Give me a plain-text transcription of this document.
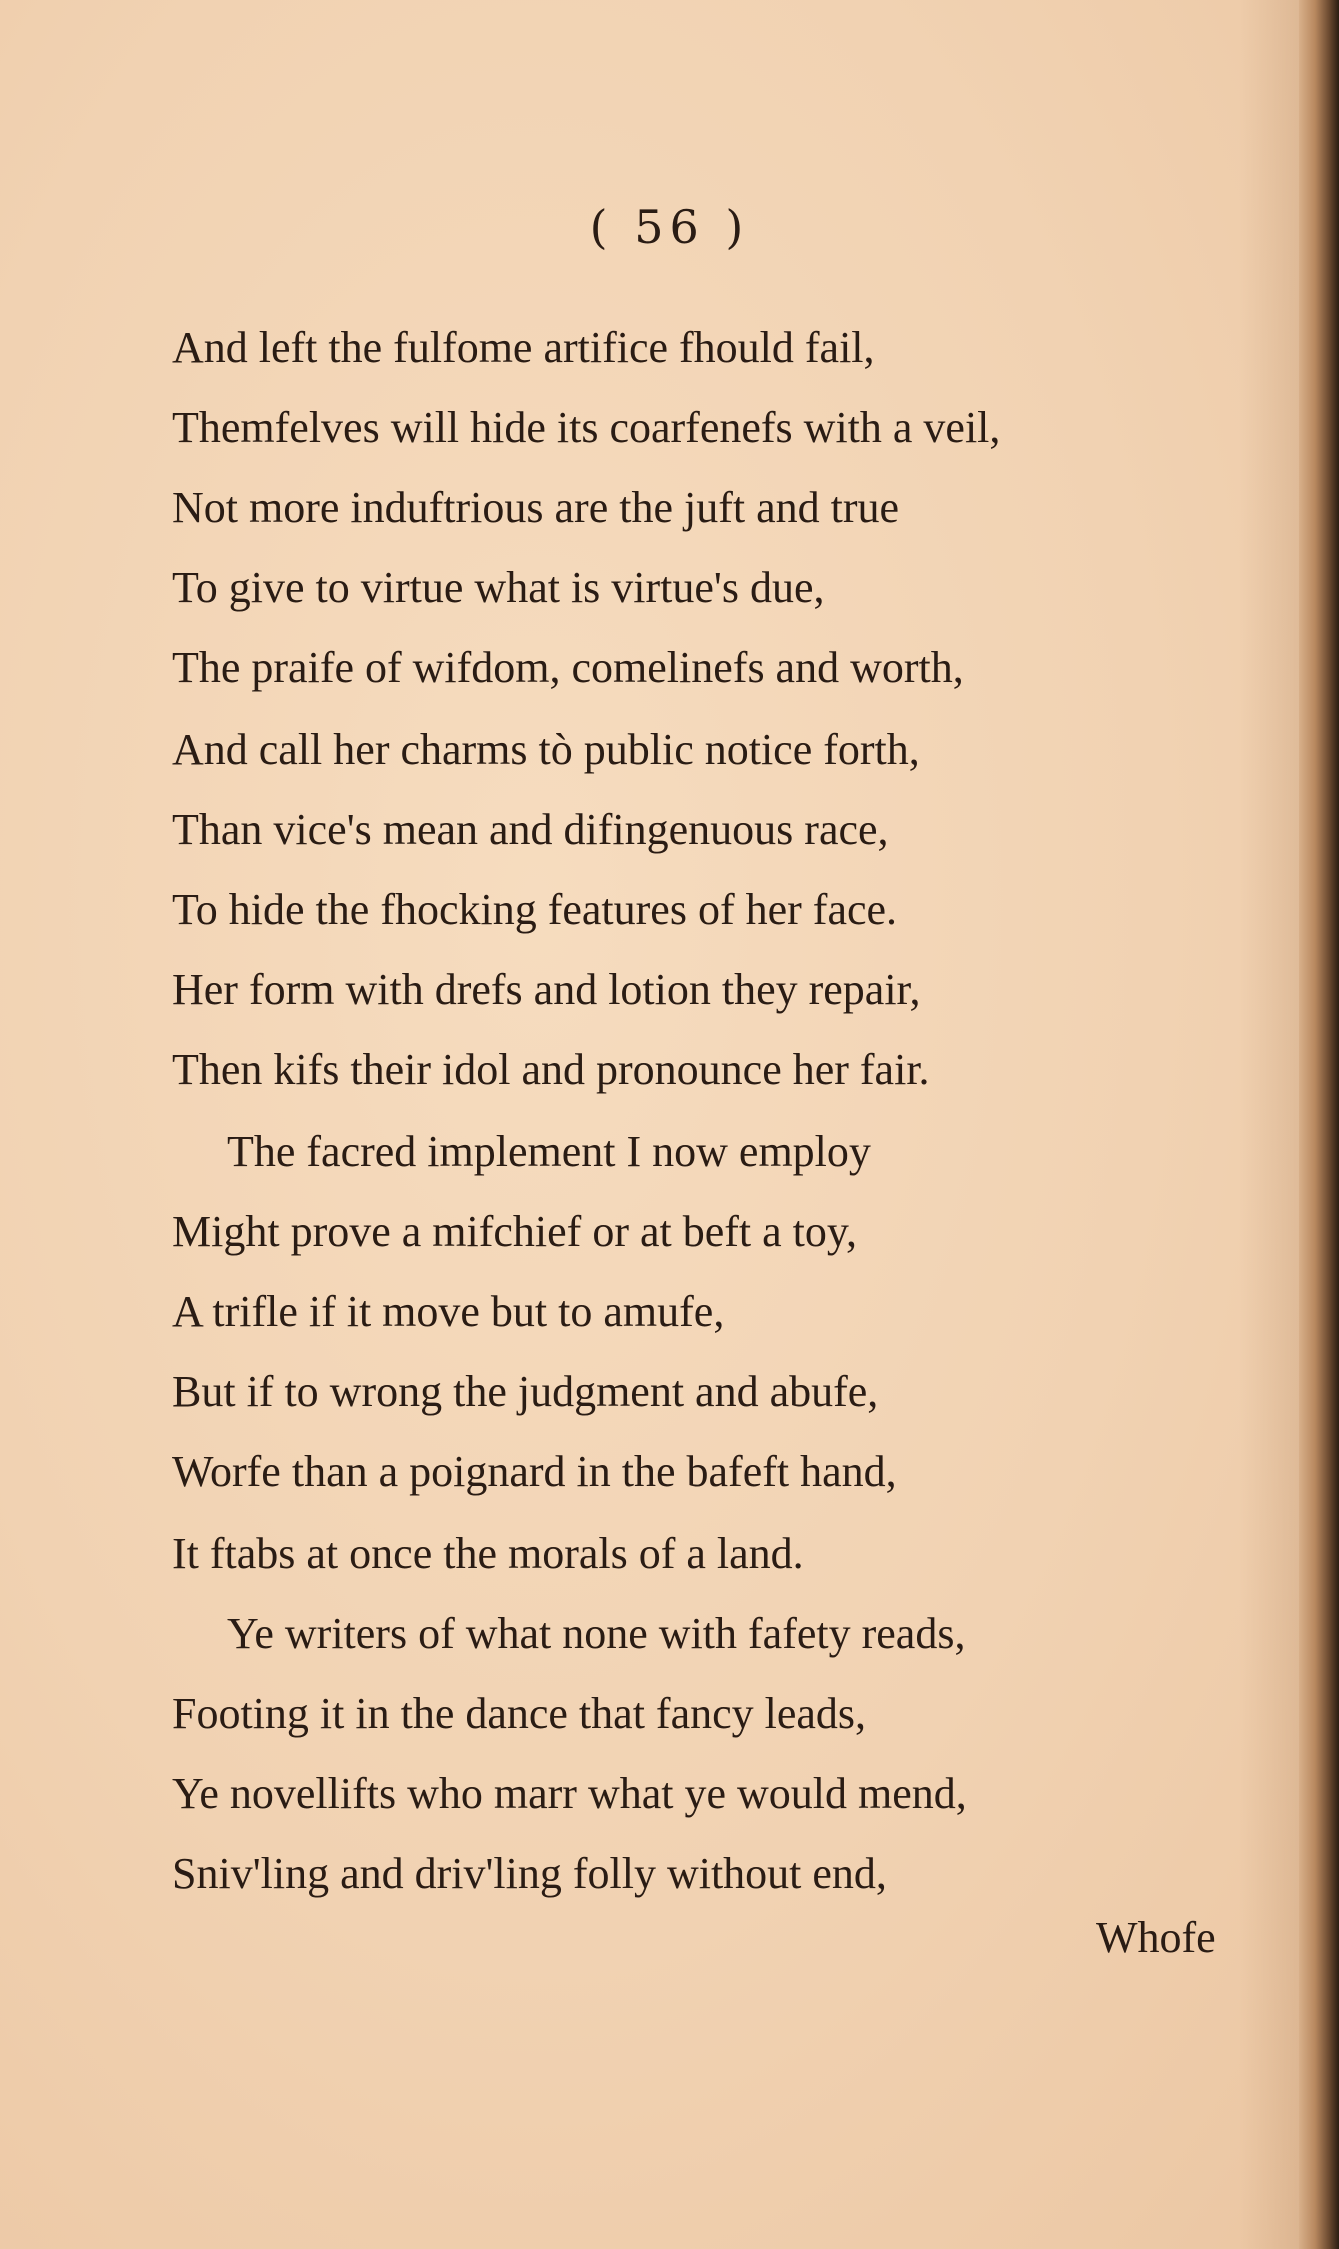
( 56 )
And left the fulfome artifice fhould fail,
Themfelves will hide its coarfenefs with a veil,
Not more induftrious are the juft and true
To give to virtue what is virtue's due,
The praife of wifdom, comelinefs and worth,
And call her charms tò public notice forth,
Than vice's mean and difingenuous race,
To hide the fhocking features of her face.
Her form with drefs and lotion they repair,
Then kifs their idol and pronounce her fair.
The facred implement I now employ
Might prove a mifchief or at beft a toy,
A trifle if it move but to amufe,
But if to wrong the judgment and abufe,
Worfe than a poignard in the bafeft hand,
It ftabs at once the morals of a land.
Ye writers of what none with fafety reads,
Footing it in the dance that fancy leads,
Ye novellifts who marr what ye would mend,
Sniv'ling and driv'ling folly without end,
Whofe
